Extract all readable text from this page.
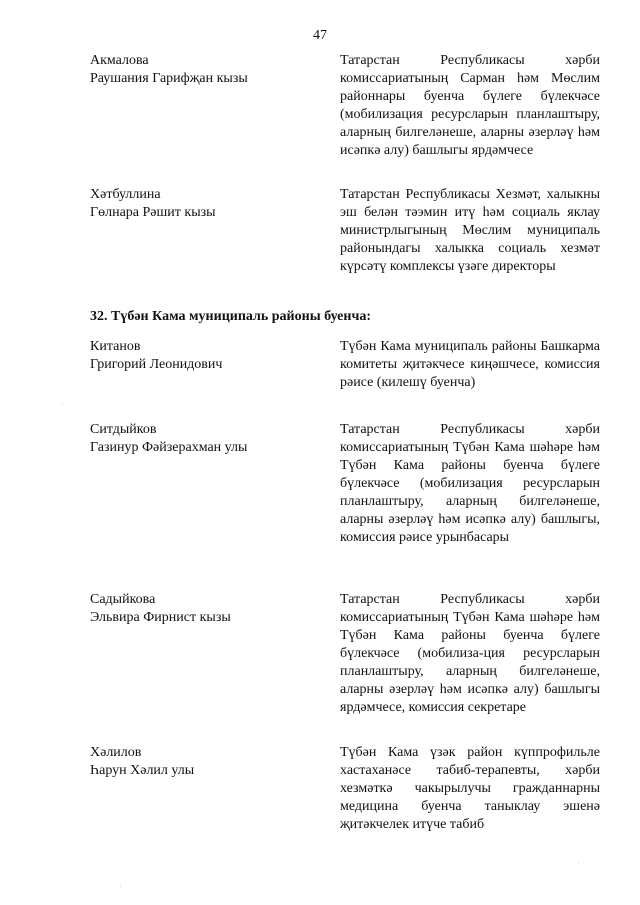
47
Акмалова
Раушания Гарифҗан кызы
Татарстан Республикасы хәрби комиссариатының Сарман һәм Мөслим районнары буенча бүлеге бүлекчәсе (мобилизация ресурсларын планлаштыру, аларның билгеләнеше, аларны әзерләү һәм исәпкә алу) башлыгы ярдәмчесе
Хәтбуллина
Гөлнара Рәшит кызы
Татарстан Республикасы Хезмәт, халыкны эш белән тәэмин итү һәм социаль яклау министрлыгының Мөслим муниципаль районындагы халыкка социаль хезмәт күрсәтү комплексы үзәге директоры
32. Түбән Кама муниципаль районы буенча:
Китанов
Григорий Леонидович
Түбән Кама муниципаль районы Башкарма комитеты җитәкчесе киңәшчесе, комиссия рәисе (килешү буенча)
Ситдыйков
Газинур Фәйзерахман улы
Татарстан Республикасы хәрби комиссариатының Түбән Кама шәһәре һәм Түбән Кама районы буенча бүлеге бүлекчәсе (мобилизация ресурсларын планлаштыру, аларның билгеләнеше, аларны әзерләү һәм исәпкә алу) башлыгы, комиссия рәисе урынбасары
Садыйкова
Эльвира Фирнист кызы
Татарстан Республикасы хәрби комиссариатының Түбән Кама шәһәре һәм Түбән Кама районы буенча бүлеге бүлекчәсе (мобилиза-ция ресурсларын планлаштыру, аларның билгеләнеше, аларны әзерләү һәм исәпкә алу) башлыгы ярдәмчесе, комиссия секретаре
Хәлилов
Һарун Хәлил улы
Түбән Кама үзәк район күппрофильле хастаханәсе табиб-терапевты, хәрби хезмәткә чакырылучы гражданнарны медицина буенча таныклау эшенә җитәкчелек итүче табиб
